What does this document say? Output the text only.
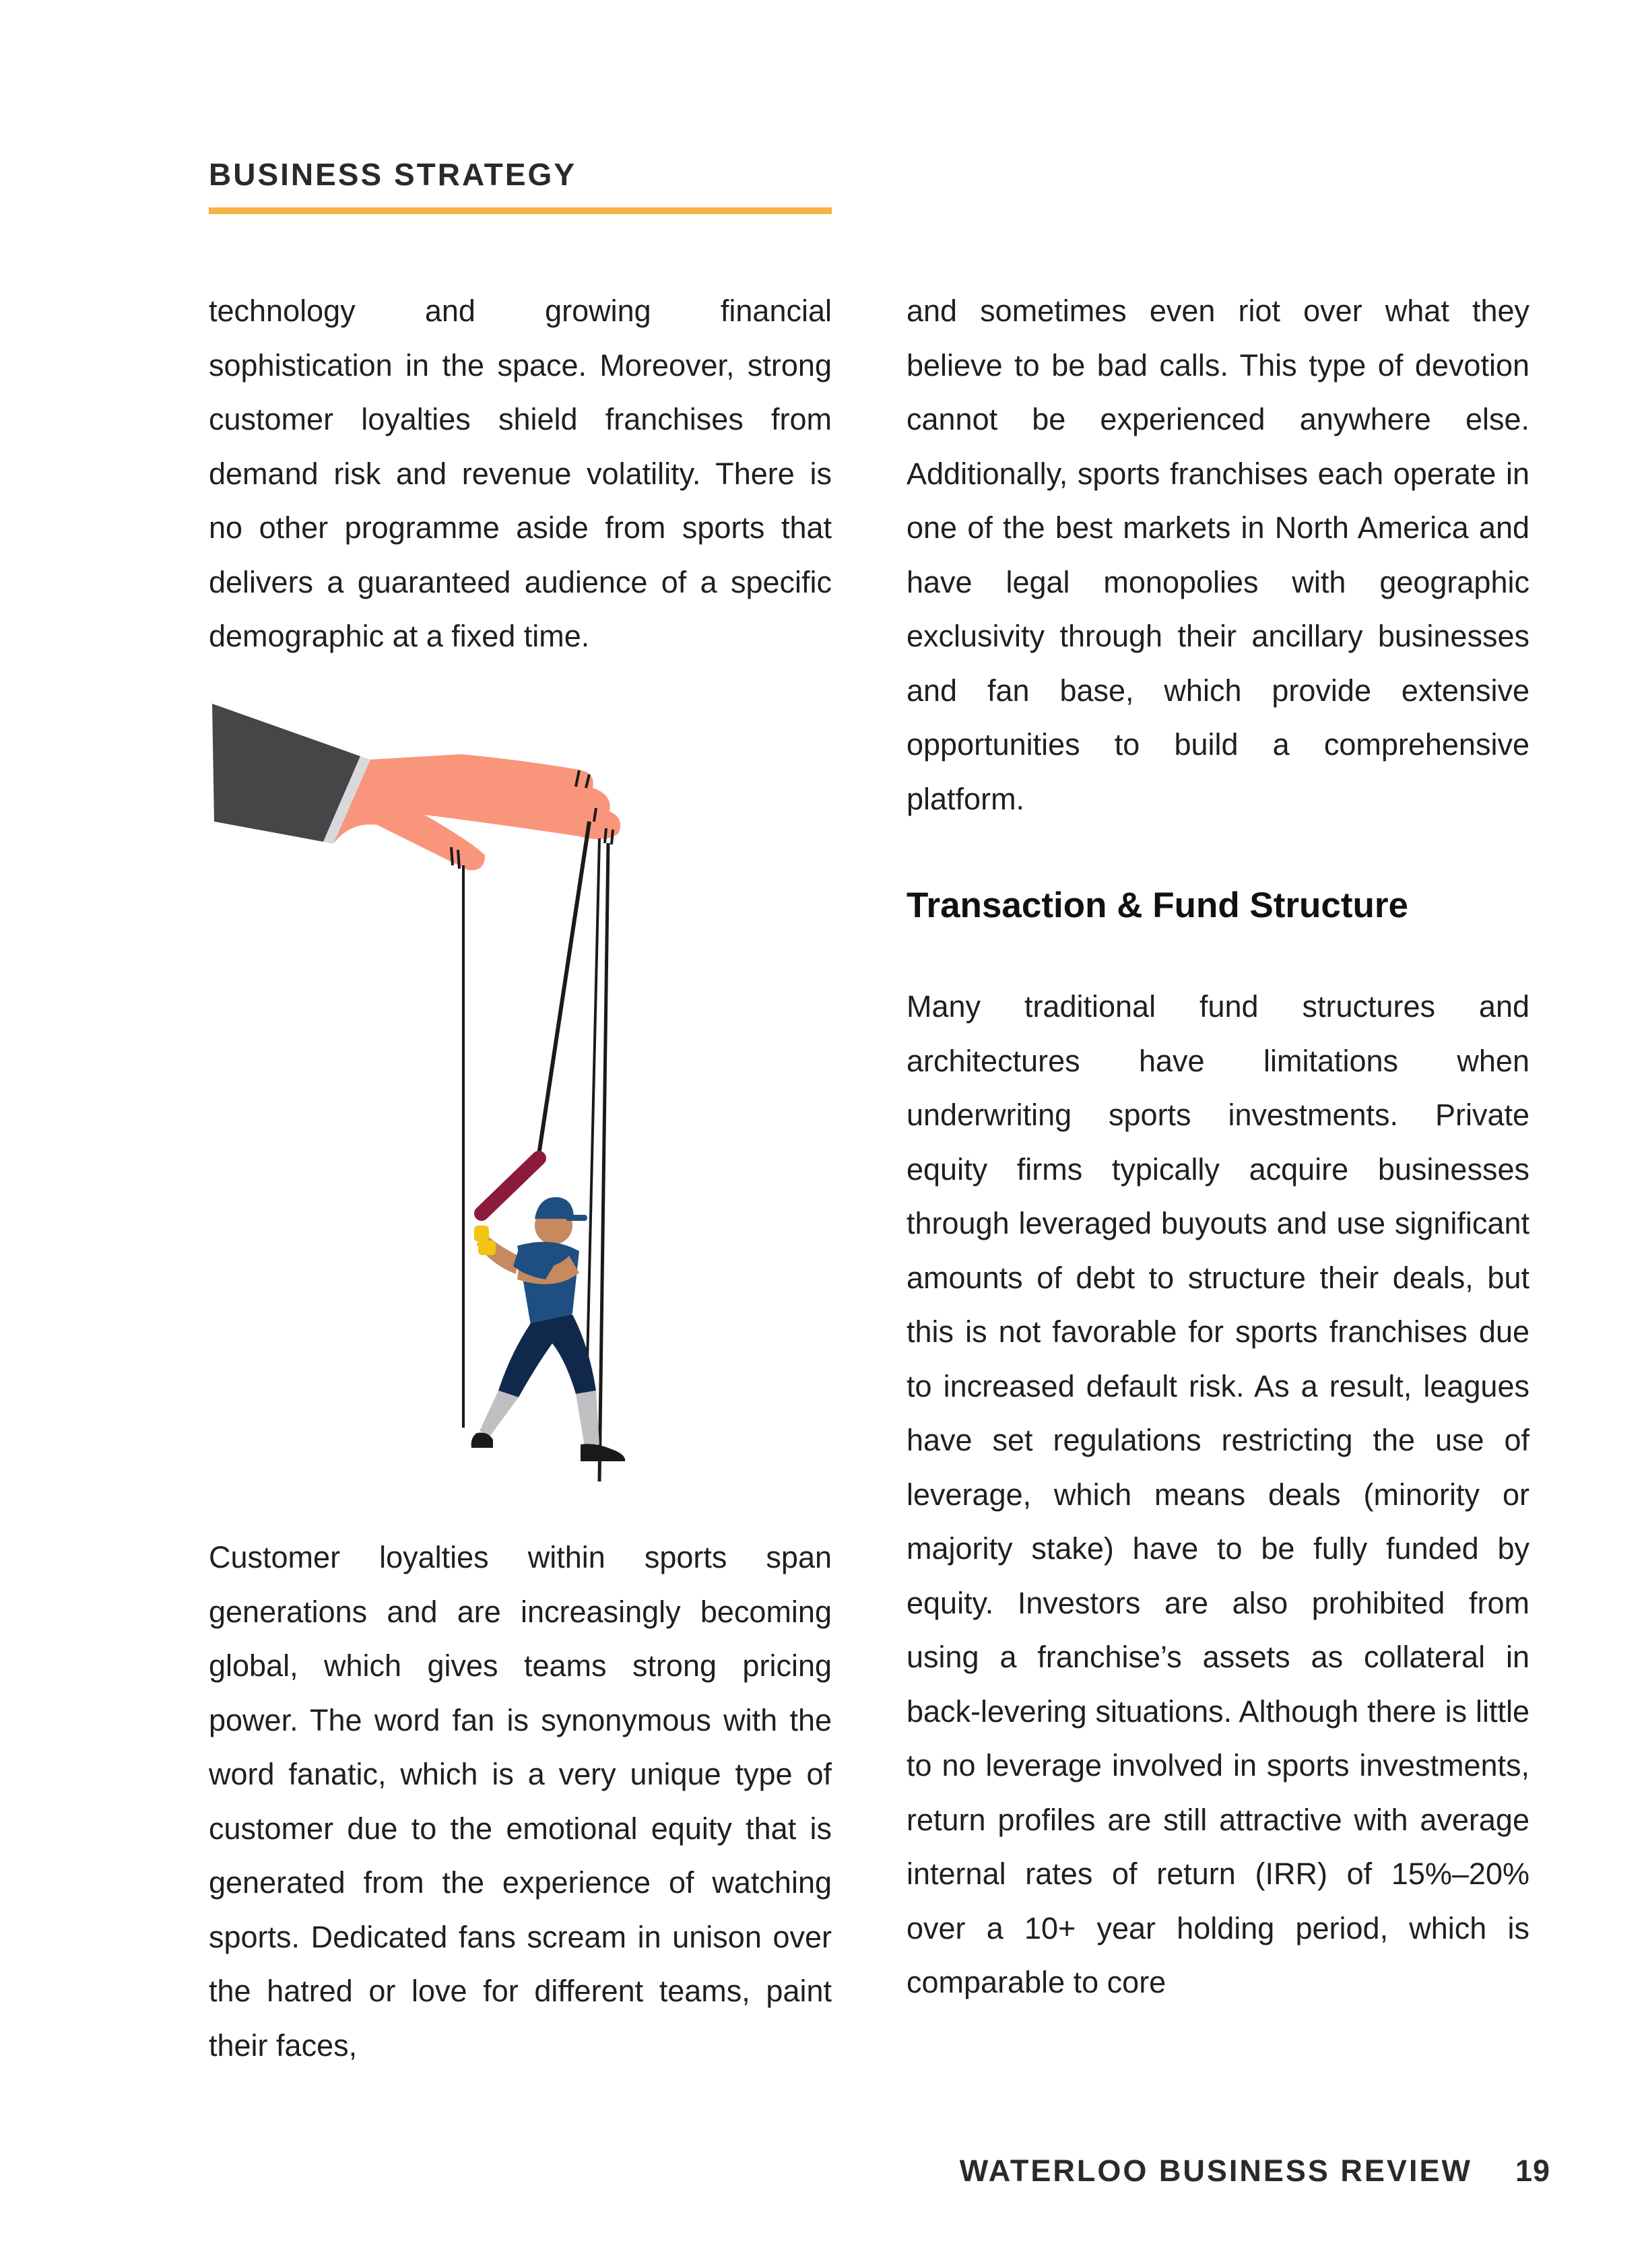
BUSINESS STRATEGY

technology and growing financial sophistication in the space. Moreover, strong customer loyalties shield franchises from demand risk and revenue volatility. There is no other programme aside from sports that delivers a guaranteed audience of a specific demographic at a fixed time.

Customer loyalties within sports span generations and are increasingly becoming global, which gives teams strong pricing power. The word fan is synonymous with the word fanatic, which is a very unique type of customer due to the emotional equity that is generated from the experience of watching sports. Dedicated fans scream in unison over the hatred or love for different teams, paint their faces,

and sometimes even riot over what they believe to be bad calls. This type of devotion cannot be experienced anywhere else. Additionally, sports franchises each operate in one of the best markets in North America and have legal monopolies with geographic exclusivity through their ancillary businesses and fan base, which provide extensive opportunities to build a comprehensive platform.

Transaction & Fund Structure

Many traditional fund structures and architectures have limitations when underwriting sports investments. Private equity firms typically acquire businesses through leveraged buyouts and use significant amounts of debt to structure their deals, but this is not favorable for sports franchises due to increased default risk. As a result, leagues have set regulations restricting the use of leverage, which means deals (minority or majority stake) have to be fully funded by equity. Investors are also prohibited from using a franchise’s assets as collateral in back-levering situations. Although there is little to no leverage involved in sports investments, return profiles are still attractive with average internal rates of return (IRR) of 15%–20% over a 10+ year holding period, which is comparable to core

WATERLOO BUSINESS REVIEW 19
